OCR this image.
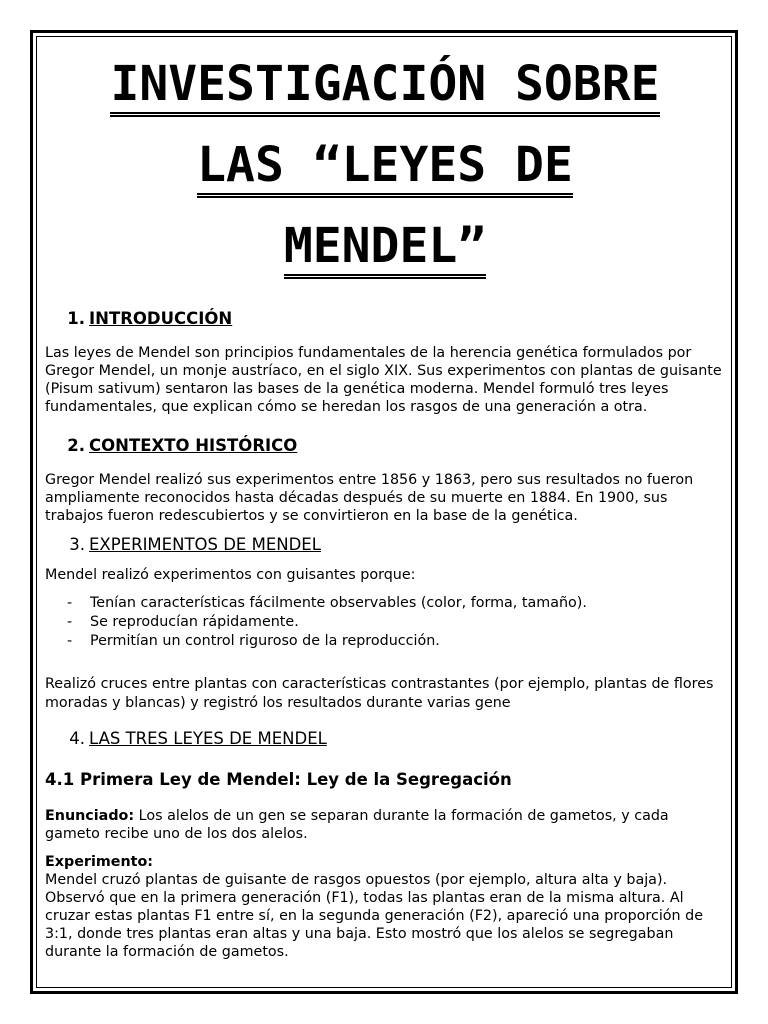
INVESTIGACIÓN SOBRE
LAS “LEYES DE
MENDEL”
1. INTRODUCCIÓN

Las leyes de Mendel son principios fundamentales de la herencia genética formulados por Gregor Mendel, un monje austríaco, en el siglo XIX. Sus experimentos con plantas de guisante (Pisum sativum) sentaron las bases de la genética moderna. Mendel formuló tres leyes fundamentales, que explican cómo se heredan los rasgos de una generación a otra.

2. CONTEXTO HISTÓRICO

Gregor Mendel realizó sus experimentos entre 1856 y 1863, pero sus resultados no fueron ampliamente reconocidos hasta décadas después de su muerte en 1884. En 1900, sus trabajos fueron redescubiertos y se convirtieron en la base de la genética.

3. EXPERIMENTOS DE MENDEL

Mendel realizó experimentos con guisantes porque:

- Tenían características fácilmente observables (color, forma, tamaño).
- Se reproducían rápidamente.
- Permitían un control riguroso de la reproducción.

Realizó cruces entre plantas con características contrastantes (por ejemplo, plantas de flores moradas y blancas) y registró los resultados durante varias gene

4. LAS TRES LEYES DE MENDEL
4.1 Primera Ley de Mendel: Ley de la Segregación

Enunciado: Los alelos de un gen se separan durante la formación de gametos, y cada gameto recibe uno de los dos alelos.

Experimento:
Mendel cruzó plantas de guisante de rasgos opuestos (por ejemplo, altura alta y baja). Observó que en la primera generación (F1), todas las plantas eran de la misma altura. Al cruzar estas plantas F1 entre sí, en la segunda generación (F2), apareció una proporción de 3:1, donde tres plantas eran altas y una baja. Esto mostró que los alelos se segregaban durante la formación de gametos.
